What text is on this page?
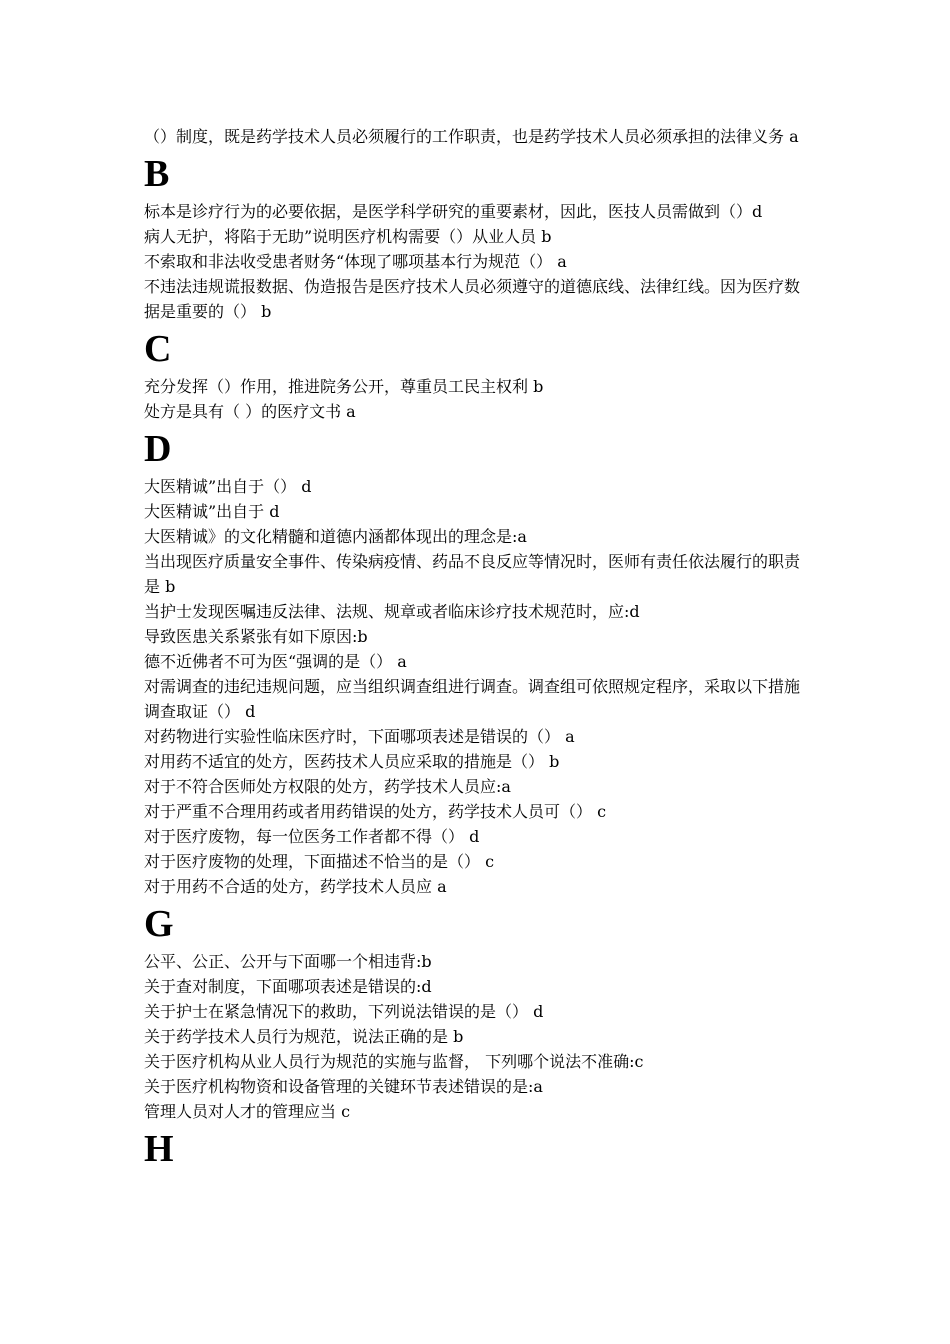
（）制度，既是药学技术人员必须履行的工作职责，也是药学技术人员必须承担的法律义务 a
B
标本是诊疗行为的必要依据，是医学科学研究的重要素材，因此，医技人员需做到（）d
病人无护，将陷于无助”说明医疗机构需要（）从业人员 b
不索取和非法收受患者财务“体现了哪项基本行为规范（） a
不违法违规谎报数据、伪造报告是医疗技术人员必须遵守的道德底线、法律红线。因为医疗数据是重要的（） b
C
充分发挥（）作用，推进院务公开，尊重员工民主权利 b
处方是具有（ ）的医疗文书 a
D
大医精诚”出自于（） d
大医精诚”出自于 d
大医精诚》的文化精髓和道德内涵都体现出的理念是:a
当出现医疗质量安全事件、传染病疫情、药品不良反应等情况时，医师有责任依法履行的职责是 b
当护士发现医嘱违反法律、法规、规章或者临床诊疗技术规范时，应:d
导致医患关系紧张有如下原因:b
德不近佛者不可为医“强调的是（） a
对需调查的违纪违规问题，应当组织调查组进行调查。调查组可依照规定程序，采取以下措施调查取证（） d
对药物进行实验性临床医疗时，下面哪项表述是错误的（） a
对用药不适宜的处方，医药技术人员应采取的措施是（） b
对于不符合医师处方权限的处方，药学技术人员应:a
对于严重不合理用药或者用药错误的处方，药学技术人员可（） c
对于医疗废物，每一位医务工作者都不得（） d
对于医疗废物的处理，下面描述不恰当的是（） c
对于用药不合适的处方，药学技术人员应 a
G
公平、公正、公开与下面哪一个相违背:b
关于查对制度，下面哪项表述是错误的:d
关于护士在紧急情况下的救助，下列说法错误的是（） d
关于药学技术人员行为规范，说法正确的是 b
关于医疗机构从业人员行为规范的实施与监督， 下列哪个说法不准确:c
关于医疗机构物资和设备管理的关键环节表述错误的是:a
管理人员对人才的管理应当 c
H
